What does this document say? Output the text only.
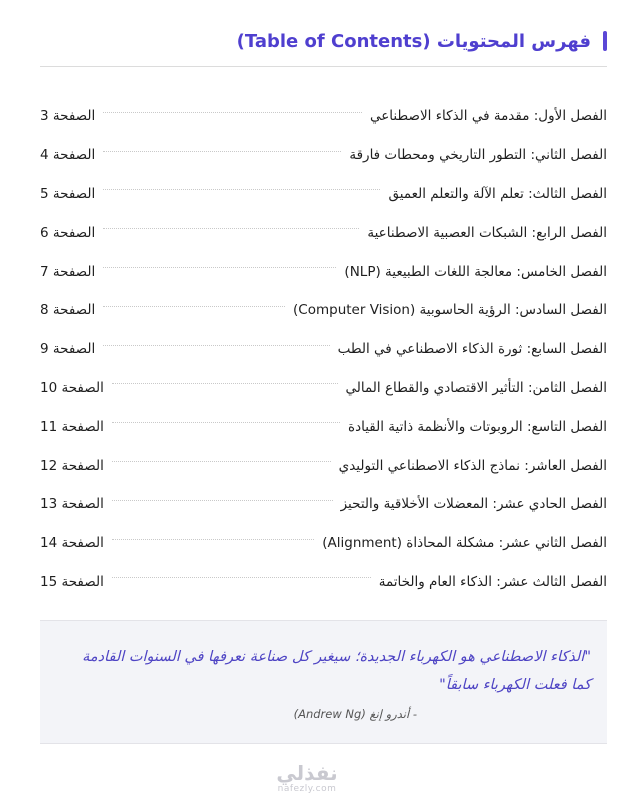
فهرس المحتويات (Table of Contents)
الفصل الأول: مقدمة في الذكاء الاصطناعي
الصفحة 3
الفصل الثاني: التطور التاريخي ومحطات فارقة
الصفحة 4
الفصل الثالث: تعلم الآلة والتعلم العميق
الصفحة 5
الفصل الرابع: الشبكات العصبية الاصطناعية
الصفحة 6
الفصل الخامس: معالجة اللغات الطبيعية (NLP)
الصفحة 7
الفصل السادس: الرؤية الحاسوبية (Computer Vision)
الصفحة 8
الفصل السابع: ثورة الذكاء الاصطناعي في الطب
الصفحة 9
الفصل الثامن: التأثير الاقتصادي والقطاع المالي
الصفحة 10
الفصل التاسع: الروبوتات والأنظمة ذاتية القيادة
الصفحة 11
الفصل العاشر: نماذج الذكاء الاصطناعي التوليدي
الصفحة 12
الفصل الحادي عشر: المعضلات الأخلاقية والتحيز
الصفحة 13
الفصل الثاني عشر: مشكلة المحاذاة (Alignment)
الصفحة 14
الفصل الثالث عشر: الذكاء العام والخاتمة
الصفحة 15
"الذكاء الاصطناعي هو الكهرباء الجديدة؛ سيغير كل صناعة نعرفها في السنوات القادمة كما فعلت الكهرباء سابقاً"
- أندرو إنغ (Andrew Ng)
نفذلي
nafezly.com
